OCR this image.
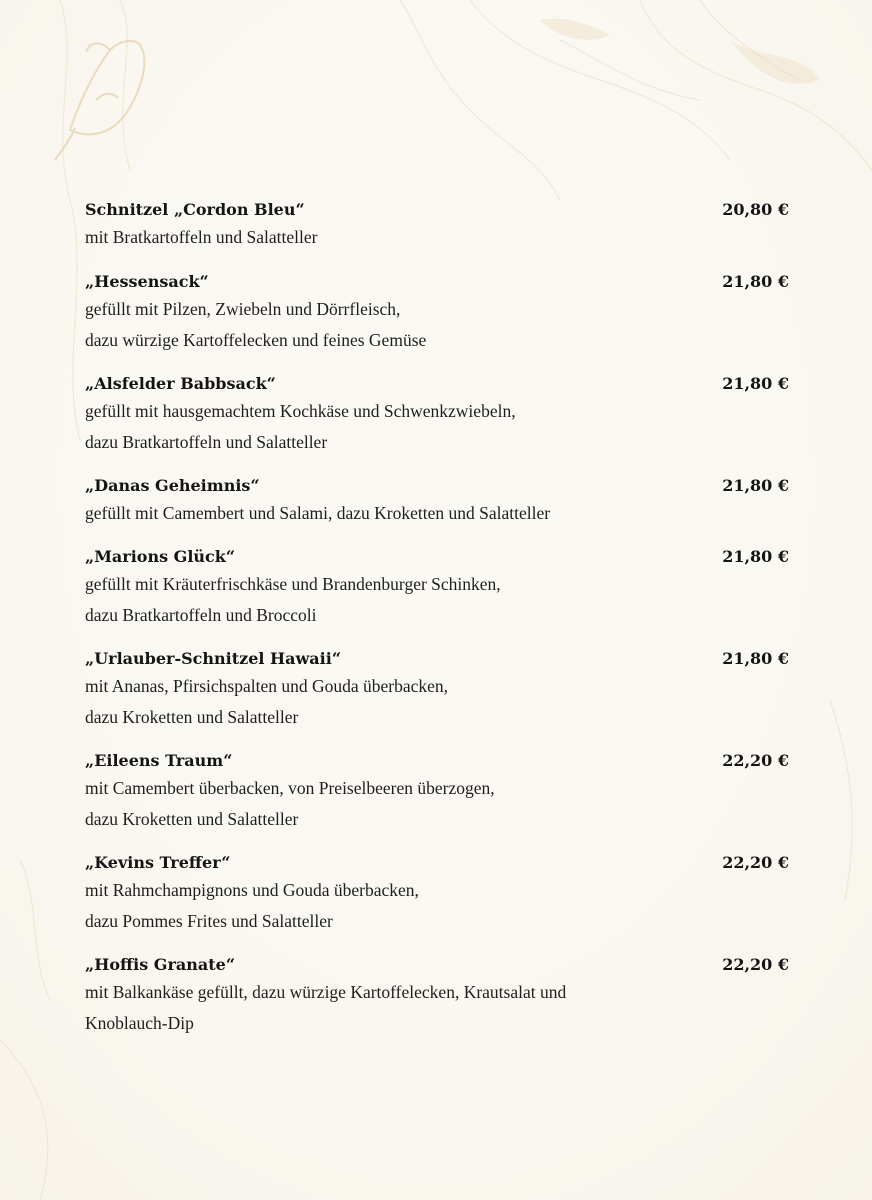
Schnitzel „Cordon Bleu“	20,80 €
mit Bratkartoffeln und Salatteller
„Hessensack“	21,80 €
gefüllt mit Pilzen, Zwiebeln und Dörrfleisch,
dazu würzige Kartoffelecken und feines Gemüse
„Alsfelder Babbsack“	21,80 €
gefüllt mit hausgemachtem Kochkäse und Schwenkzwiebeln,
dazu Bratkartoffeln und Salatteller
„Danas Geheimnis“	21,80 €
gefüllt mit Camembert und Salami, dazu Kroketten und Salatteller
„Marions Glück“	21,80 €
gefüllt mit Kräuterfrischkäse und Brandenburger Schinken,
dazu Bratkartoffeln und Broccoli
„Urlauber-Schnitzel Hawaii“	21,80 €
mit Ananas, Pfirsichspalten und Gouda überbacken,
dazu Kroketten und Salatteller
„Eileens Traum“	22,20 €
mit Camembert überbacken, von Preiselbeeren überzogen,
dazu Kroketten und Salatteller
„Kevins Treffer“	22,20 €
mit Rahmchampignons und Gouda überbacken,
dazu Pommes Frites und Salatteller
„Hoffis Granate“	22,20 €
mit Balkankäse gefüllt, dazu würzige Kartoffelecken, Krautsalat und
Knoblauch-Dip
